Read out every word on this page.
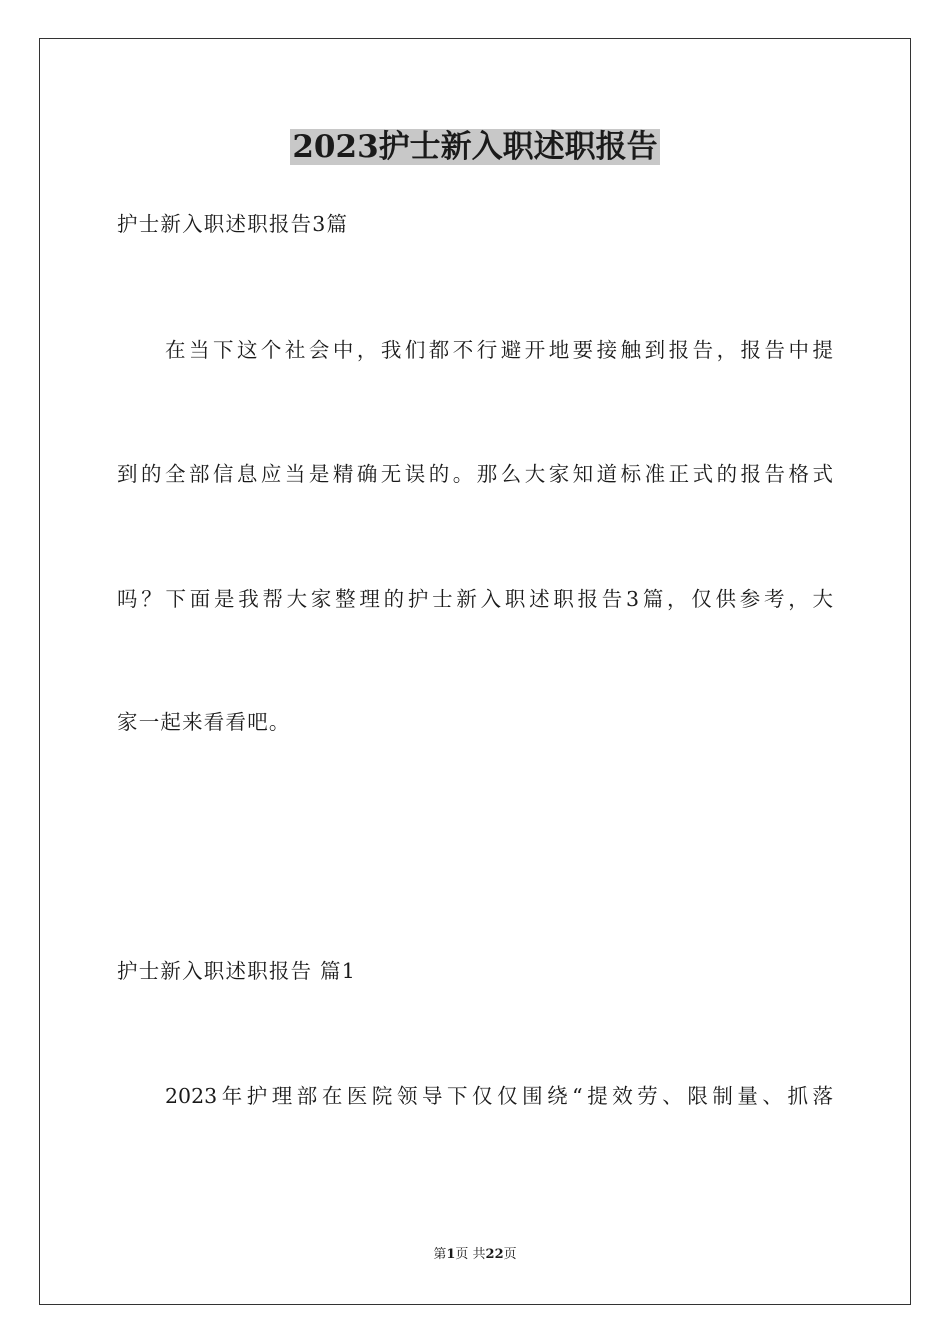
2023护士新入职述职报告
护士新入职述职报告3篇
在当下这个社会中，我们都不行避开地要接触到报告，报告中提
到的全部信息应当是精确无误的。那么大家知道标准正式的报告格式
吗？下面是我帮大家整理的护士新入职述职报告3篇，仅供参考，大
家一起来看看吧。
护士新入职述职报告 篇1
2023年护理部在医院领导下仅仅围绕“提效劳、限制量、抓落
第1页 共22页
